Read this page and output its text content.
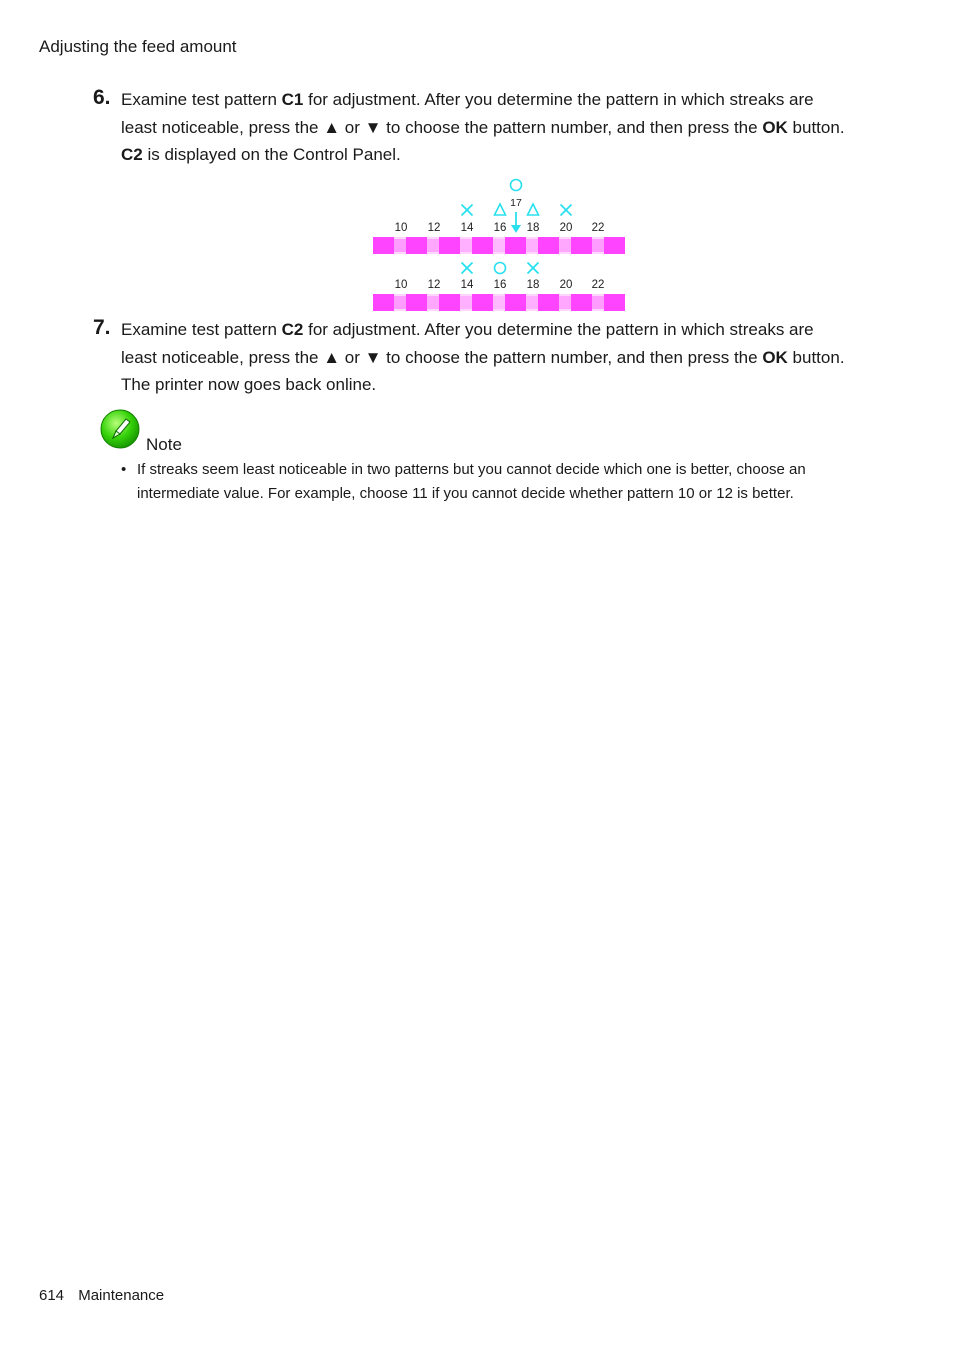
Adjusting the feed amount
6. Examine test pattern C1 for adjustment. After you determine the pattern in which streaks are
least noticeable, press the ▲ or ▼ to choose the pattern number, and then press the OK button.
C2 is displayed on the Control Panel.
17
10 12 14 16 18 20 22
10 12 14 16 18 20 22
7. Examine test pattern C2 for adjustment. After you determine the pattern in which streaks are
least noticeable, press the ▲ or ▼ to choose the pattern number, and then press the OK button.
The printer now goes back online.
Note
• If streaks seem least noticeable in two patterns but you cannot decide which one is better, choose an
intermediate value. For example, choose 11 if you cannot decide whether pattern 10 or 12 is better.
614 Maintenance
